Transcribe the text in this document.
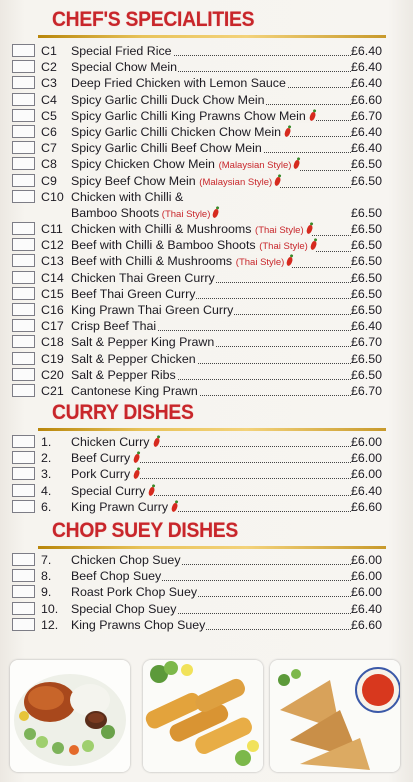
CHEF'S SPECIALITIES
C1 Special Fried Rice	£6.40
C2 Special Chow Mein	£6.40
C3 Deep Fried Chicken with Lemon Sauce	£6.40
C4 Spicy Garlic Chilli Duck Chow Mein	£6.60
C5 Spicy Garlic Chilli King Prawns Chow Mein	£6.70
C6 Spicy Garlic Chilli Chicken Chow Mein	£6.40
C7 Spicy Garlic Chilli Beef Chow Mein	£6.40
C8 Spicy Chicken Chow Mein (Malaysian Style)	£6.50
C9 Spicy Beef Chow Mein (Malaysian Style)	£6.50
C10 Chicken with Chilli &
Bamboo Shoots (Thai Style)	£6.50
C11 Chicken with Chilli & Mushrooms (Thai Style)	£6.50
C12 Beef with Chilli & Bamboo Shoots (Thai Style)	£6.50
C13 Beef with Chilli & Mushrooms (Thai Style)	£6.50
C14 Chicken Thai Green Curry	£6.50
C15 Beef Thai Green Curry	£6.50
C16 King Prawn Thai Green Curry	£6.50
C17 Crisp Beef Thai	£6.40
C18 Salt & Pepper King Prawn	£6.70
C19 Salt & Pepper Chicken	£6.50
C20 Salt & Pepper Ribs	£6.50
C21 Cantonese King Prawn	£6.70
CURRY DISHES
1. Chicken Curry	£6.00
2. Beef Curry	£6.00
3. Pork Curry	£6.00
4. Special Curry	£6.40
6. King Prawn Curry	£6.60
CHOP SUEY DISHES
7. Chicken Chop Suey	£6.00
8. Beef Chop Suey	£6.00
9. Roast Pork Chop Suey	£6.00
10. Special Chop Suey	£6.40
12. King Prawns Chop Suey	£6.60
